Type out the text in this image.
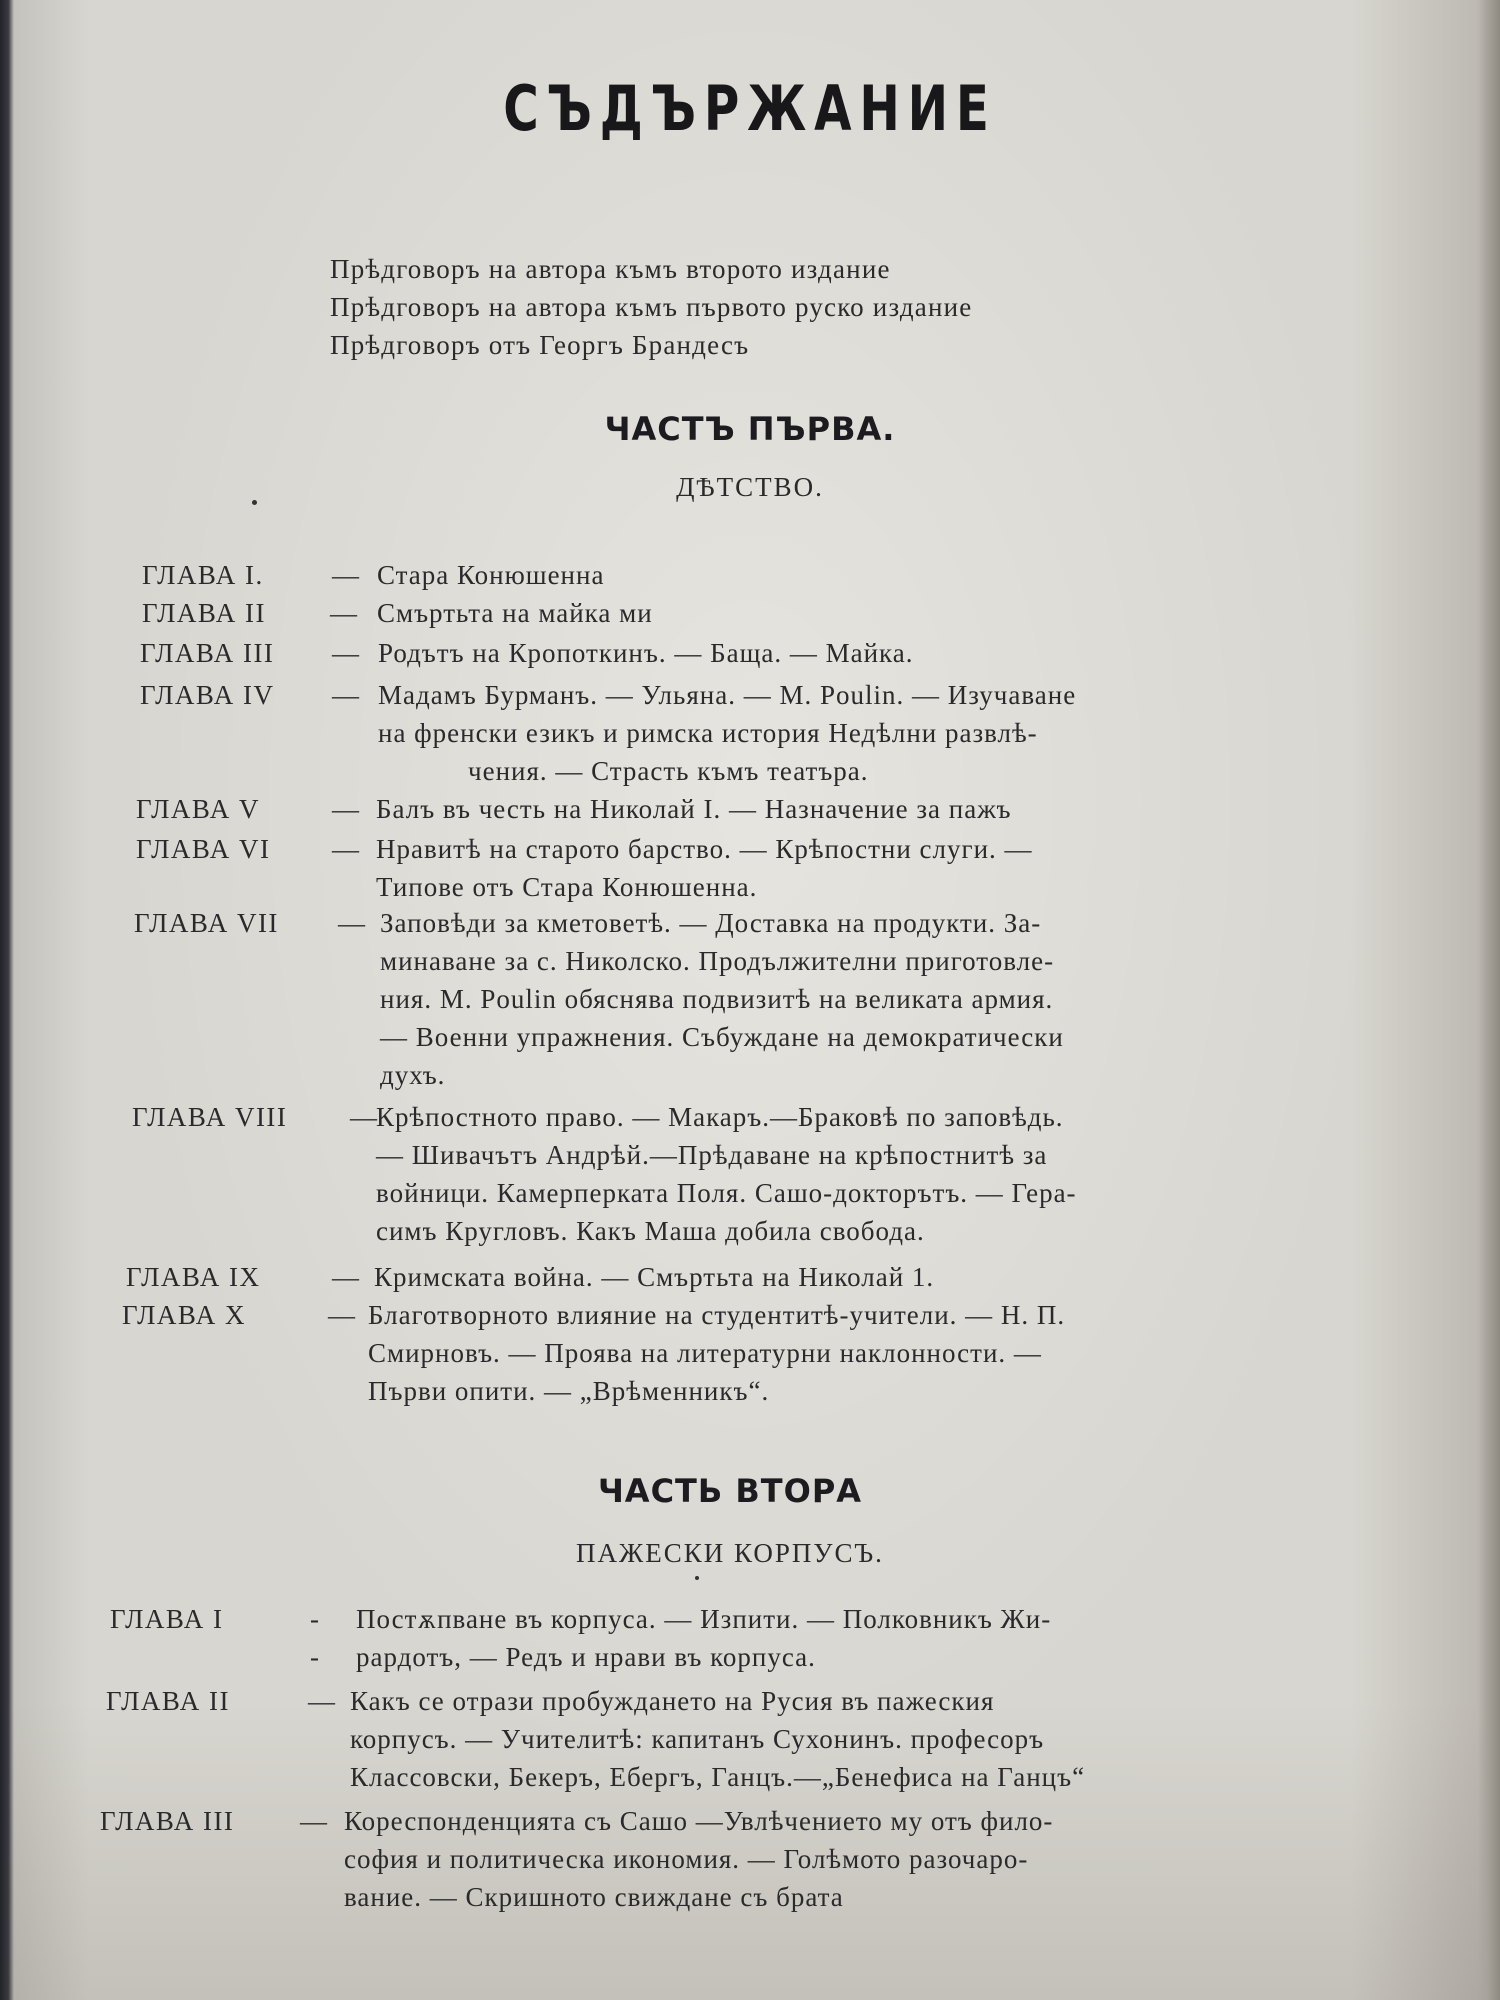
СЪДЪРЖАНИЕ
Прѣдговоръ на автора къмъ второто издание
Прѣдговоръ на автора къмъ първото руско издание
Прѣдговоръ отъ Георгъ Брандесъ
ЧАСТЪ ПЪРВА.
ДѢТСТВО.
ГЛАВА I.	— Стара Конюшенна
ГЛАВА II — Смъртьта на майка ми
ГЛАВА III — Родътъ на Кропоткинъ. — Баща. — Майка.
ГЛАВА IV — Мадамъ Бурманъ. — Ульяна. — M. Poulin. — Изучаване
на френски езикъ и римска история Недѣлни развлѣ-
чения. — Страсть къмъ театъра.
ГЛАВА V	— Балъ въ честь на Николай I. — Назначение за пажъ
ГЛАВА VI — Нравитѣ на старото барство. — Крѣпостни слуги. —
Типове отъ Стара Конюшенна.
ГЛАВА VII — Заповѣди за кметоветѣ. — Доставка на продукти. За-
минаване за с. Николско. Продължителни приготовле-
ния. M. Poulin обяснява подвизитѣ на великата армия.
— Военни упражнения. Събуждане на демократически
духъ.
ГЛАВА VIII —
Крѣпостното право. — Макаръ.—Браковѣ по заповѣдь.
— Шивачътъ Андрѣй.—Прѣдаване на крѣпостнитѣ за
войници. Камерперката Поля. Сашо-докторътъ. — Гера-
симъ Кругловъ. Какъ Маша добила свобода.
ГЛАВА IX	— Кримската война. — Смъртьта на Николай 1.
ГЛАВА X	— Благотворното влияние на студентитѣ-учители. — Н. П.
Смирновъ. — Проява на литературни наклонности. —
Първи опити. — „Врѣменникъ“.
ЧАСТЬ ВТОРА
ПАЖЕСКИ КОРПУСЪ.
ГЛАВА I	--
Постѫпване въ корпуса. — Изпити. — Полковникъ Жи-
рардотъ, — Редъ и нрави въ корпуса.
ГЛАВА II	— Какъ се отрази пробуждането на Русия въ пажеския
корпусъ. — Учителитѣ: капитанъ Сухонинъ. професоръ
Классовски, Бекеръ, Ебергъ, Ганцъ.—„Бенефиса на Ганцъ“
ГЛАВА III — Кореспонденцията съ Сашо —Увлѣчението му отъ фило-
софия и политическа икономия. — Голѣмото разочаро-
вание. — Скришното свиждане съ брата
